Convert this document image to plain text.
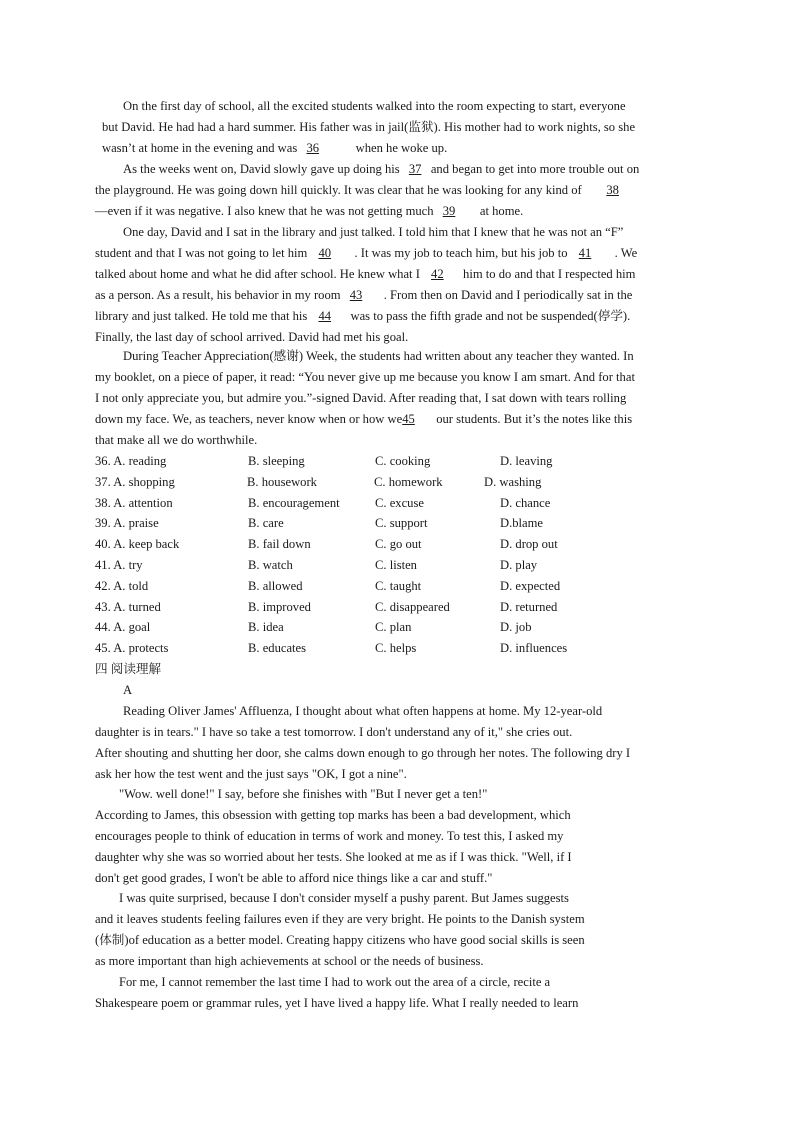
On the first day of school, all the excited students walked into the room expecting to start, everyone
but David. He had had a hard summer. His father was in jail(监狱). His mother had to work nights, so she
wasn’t at home in the evening and was 36	when he woke up.
As the weeks went on, David slowly gave up doing his 37 and began to get into more trouble out on
the playground. He was going down hill quickly. It was clear that he was looking for any kind of 38
—even if it was negative. I also knew that he was not getting much 39 at home.
One day, David and I sat in the library and just talked. I told him that I knew that he was not an “F”
student and that I was not going to let him 40 . It was my job to teach him, but his job to 41 . We
talked about home and what he did after school. He knew what I 42 him to do and that I respected him
as a person. As a result, his behavior in my room 43 . From then on David and I periodically sat in the
library and just talked. He told me that his 44 was to pass the fifth grade and not be suspended(停学).
Finally, the last day of school arrived. David had met his goal.
During Teacher Appreciation(感谢) Week, the students had written about any teacher they wanted. In
my booklet, on a piece of paper, it read: “You never give up me because you know I am smart. And for that
I not only appreciate you, but admire you.”-signed David. After reading that, I sat down with tears rolling
down my face. We, as teachers, never know when or how we45 our students. But it’s the notes like this
that make all we do worthwhile.
36. A. reading	B. sleeping	C. cooking	D. leaving
37. A. shopping	B. housework	C. homework	D. washing
38. A. attention	B. encouragement	C. excuse	D. chance
39. A. praise	B. care	C. support	D.blame
40. A. keep back	B. fail down	C. go out	D. drop out
41. A. try	B. watch	C. listen	D. play
42. A. told	B. allowed	C. taught	D. expected
43. A. turned	B. improved	C. disappeared	D. returned
44. A. goal	B. idea	C. plan	D. job
45. A. protects	B. educates	C. helps	D. influences
四 阅读理解
A
Reading Oliver James' Affluenza, I thought about what often happens at home. My 12-year-old
daughter is in tears." I have so take a test tomorrow. I don't understand any of it," she cries out.
After shouting and shutting her door, she calms down enough to go through her notes. The following dry I
ask her how the test went and the just says "OK, I got a nine".
"Wow. well done!" I say, before she finishes with "But I never get a ten!"
According to James, this obsession with getting top marks has been a bad development, which
encourages people to think of education in terms of work and money. To test this, I asked my
daughter why she was so worried about her tests. She looked at me as if I was thick. "Well, if I
don't get good grades, I won't be able to afford nice things like a car and stuff."
I was quite surprised, because I don't consider myself a pushy parent. But James suggests
and it leaves students feeling failures even if they are very bright. He points to the Danish system
(体制)of education as a better model. Creating happy citizens who have good social skills is seen
as more important than high achievements at school or the needs of business.
For me, I cannot remember the last time I had to work out the area of a circle, recite a
Shakespeare poem or grammar rules, yet I have lived a happy life. What I really needed to learn
